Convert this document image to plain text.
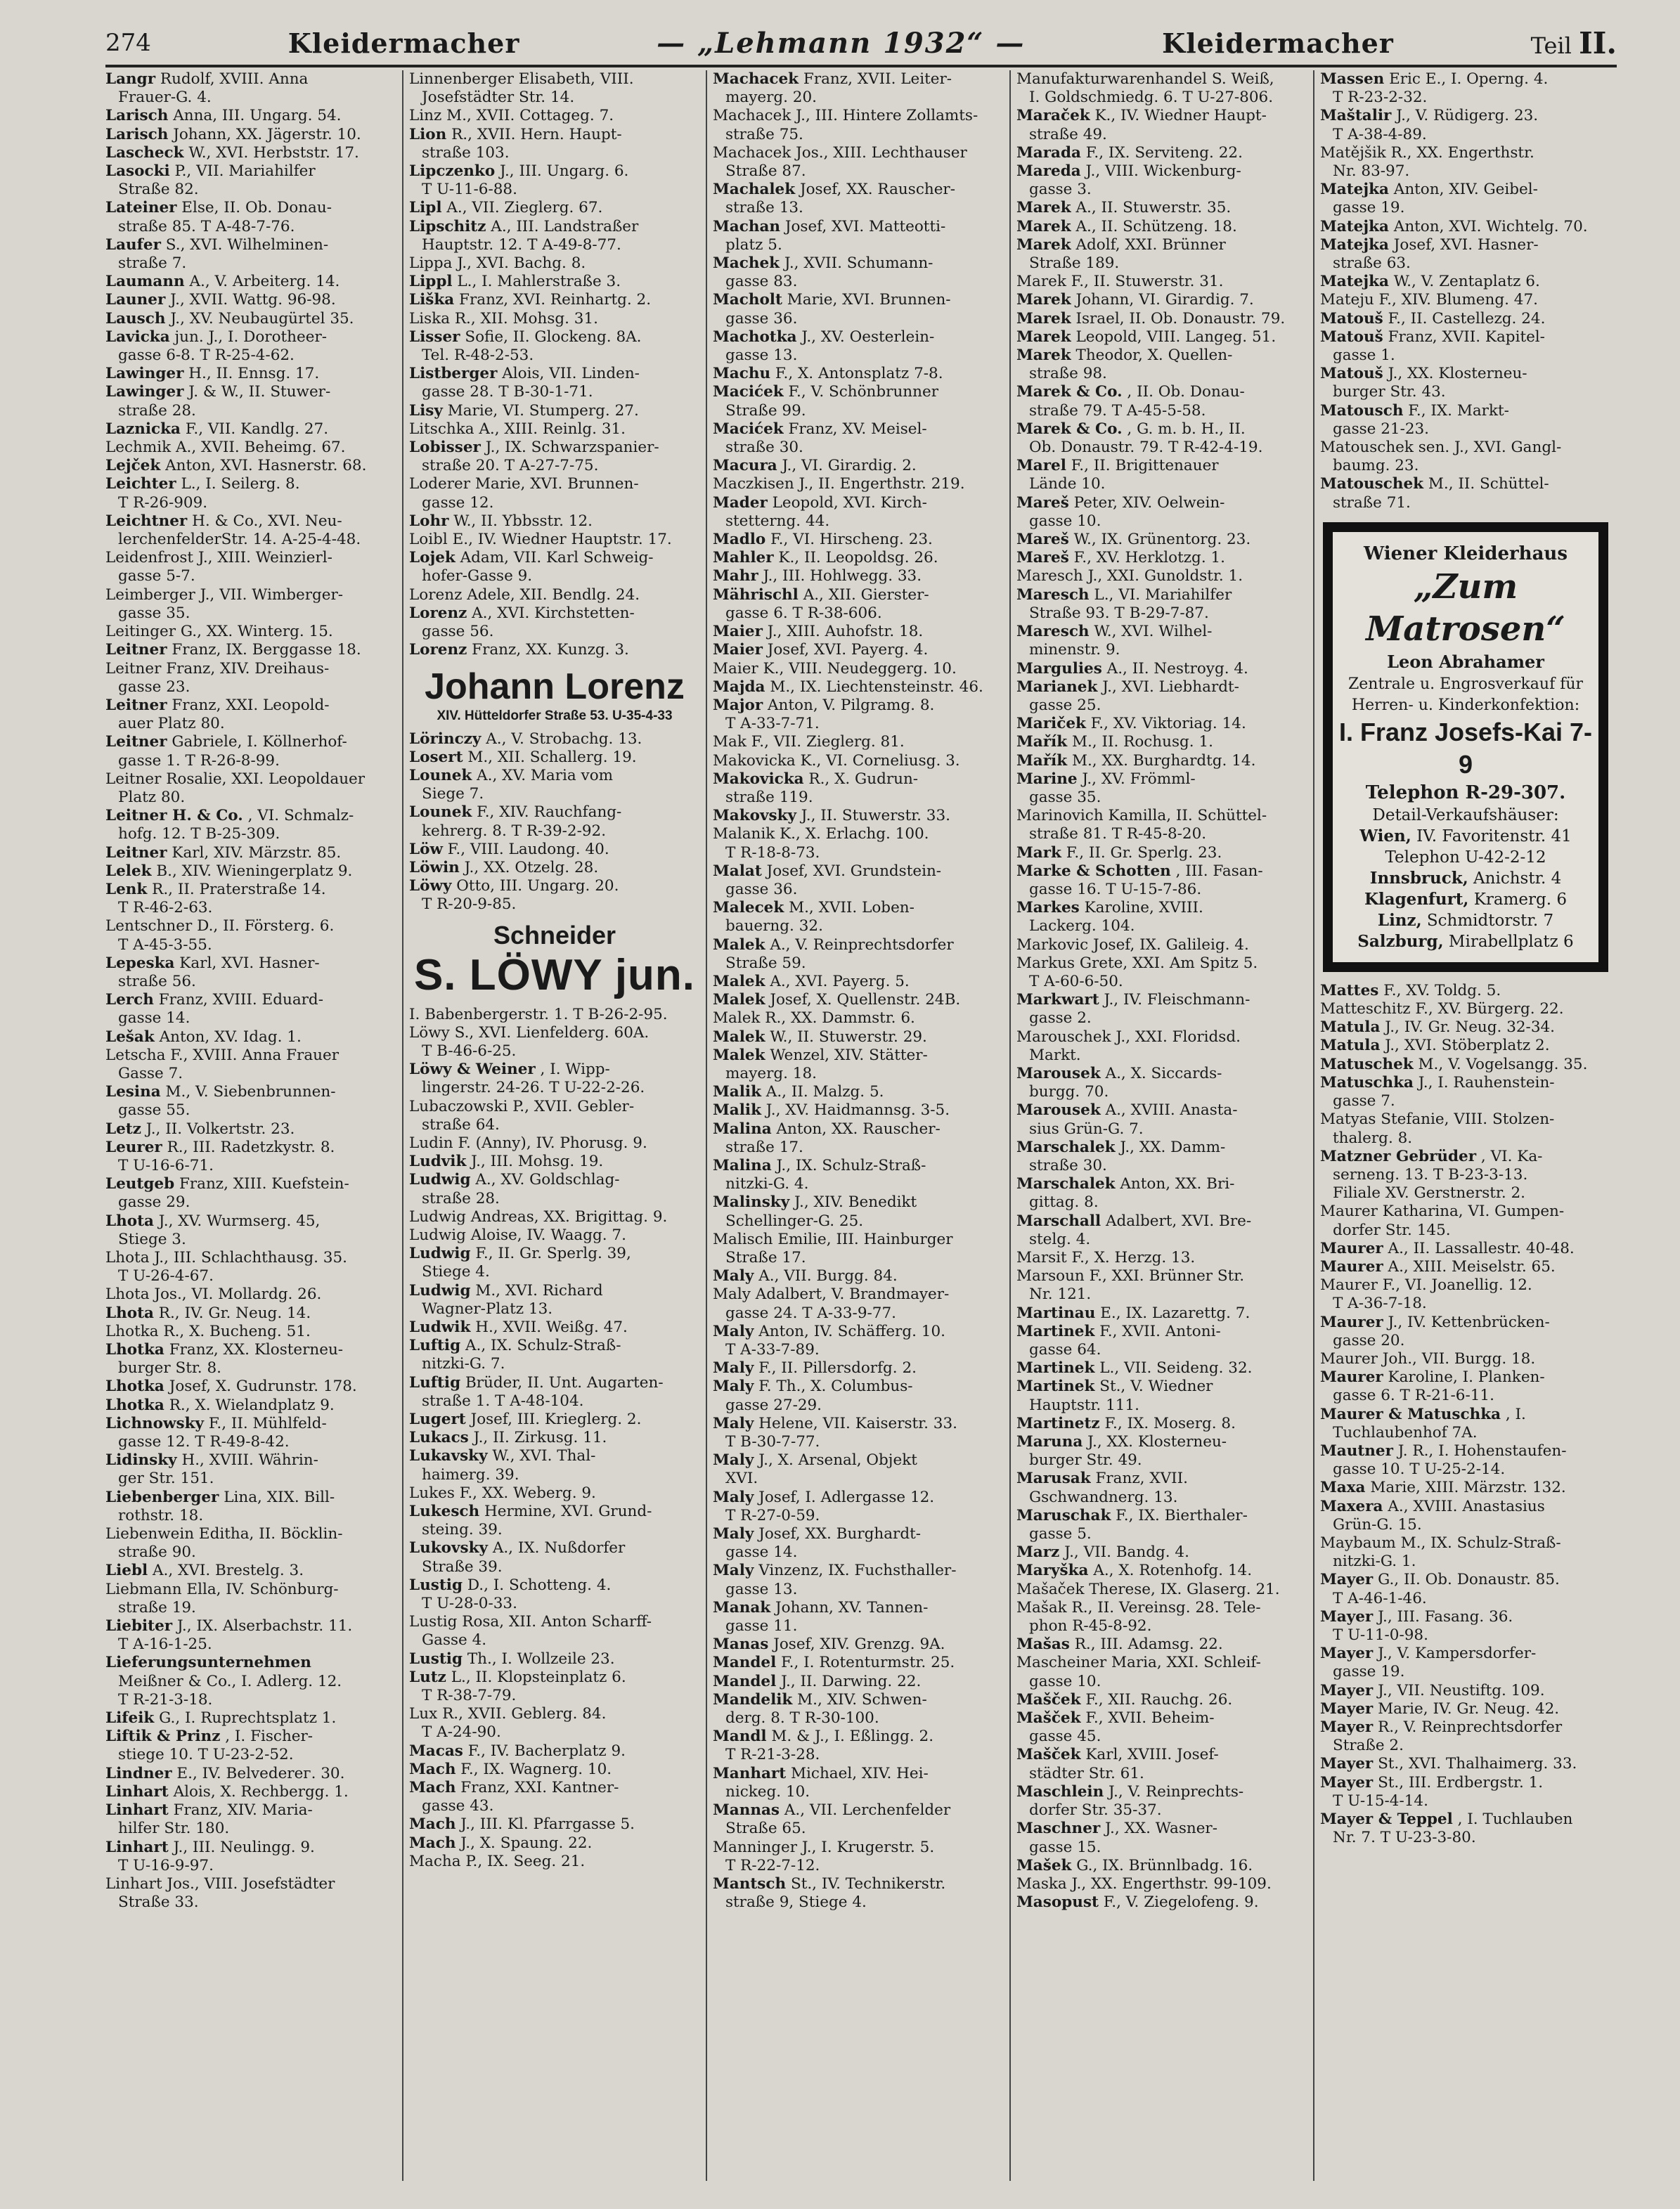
274	Kleidermacher	— „Lehmann 1932“ —	Kleidermacher	Teil II.
Langr Rudolf, XVIII. Anna
Frauer-G. 4.
Larisch Anna, III. Ungarg. 54.
Larisch Johann, XX. Jägerstr. 10.
Lascheck W., XVI. Herbststr. 17.
Lasocki P., VII. Mariahilfer
Straße 82.
Lateiner Else, II. Ob. Donau-
straße 85. T A-48-7-76.
Laufer S., XVI. Wilhelminen-
straße 7.
Laumann A., V. Arbeiterg. 14.
Launer J., XVII. Wattg. 96-98.
Lausch J., XV. Neubaugürtel 35.
Lavicka jun. J., I. Dorotheer-
gasse 6-8. T R-25-4-62.
Lawinger H., II. Ennsg. 17.
Lawinger J. & W., II. Stuwer-
straße 28.
Laznicka F., VII. Kandlg. 27.
Lechmik A., XVII. Beheimg. 67.
Lejček Anton, XVI. Hasnerstr. 68.
Leichter L., I. Seilerg. 8.
T R-26-909.
Leichtner H. & Co., XVI. Neu-
lerchenfelderStr. 14. A-25-4-48.
Leidenfrost J., XIII. Weinzierl-
gasse 5-7.
Leimberger J., VII. Wimberger-
gasse 35.
Leitinger G., XX. Winterg. 15.
Leitner Franz, IX. Berggasse 18.
Leitner Franz, XIV. Dreihaus-
gasse 23.
Leitner Franz, XXI. Leopold-
auer Platz 80.
Leitner Gabriele, I. Köllnerhof-
gasse 1. T R-26-8-99.
Leitner Rosalie, XXI. Leopoldauer
Platz 80.
Leitner H. & Co. , VI. Schmalz-
hofg. 12. T B-25-309.
Leitner Karl, XIV. Märzstr. 85.
Lelek B., XIV. Wieningerplatz 9.
Lenk R., II. Praterstraße 14.
T R-46-2-63.
Lentschner D., II. Försterg. 6.
T A-45-3-55.
Lepeska Karl, XVI. Hasner-
straße 56.
Lerch Franz, XVIII. Eduard-
gasse 14.
Lešak Anton, XV. Idag. 1.
Letscha F., XVIII. Anna Frauer
Gasse 7.
Lesina M., V. Siebenbrunnen-
gasse 55.
Letz J., II. Volkertstr. 23.
Leurer R., III. Radetzkystr. 8.
T U-16-6-71.
Leutgeb Franz, XIII. Kuefstein-
gasse 29.
Lhota J., XV. Wurmserg. 45,
Stiege 3.
Lhota J., III. Schlachthausg. 35.
T U-26-4-67.
Lhota Jos., VI. Mollardg. 26.
Lhota R., IV. Gr. Neug. 14.
Lhotka R., X. Bucheng. 51.
Lhotka Franz, XX. Klosterneu-
burger Str. 8.
Lhotka Josef, X. Gudrunstr. 178.
Lhotka R., X. Wielandplatz 9.
Lichnowsky F., II. Mühlfeld-
gasse 12. T R-49-8-42.
Lidinsky H., XVIII. Währin-
ger Str. 151.
Liebenberger Lina, XIX. Bill-
rothstr. 18.
Liebenwein Editha, II. Böcklin-
straße 90.
Liebl A., XVI. Brestelg. 3.
Liebmann Ella, IV. Schönburg-
straße 19.
Liebiter J., IX. Alserbachstr. 11.
T A-16-1-25.
Lieferungsunternehmen
Meißner & Co., I. Adlerg. 12.
T R-21-3-18.
Lifeik G., I. Ruprechtsplatz 1.
Liftik & Prinz , I. Fischer-
stiege 10. T U-23-2-52.
Lindner E., IV. Belvederег. 30.
Linhart Alois, X. Rechbergg. 1.
Linhart Franz, XIV. Maria-
hilfer Str. 180.
Linhart J., III. Neulingg. 9.
T U-16-9-97.
Linhart Jos., VIII. Josefstädter
Straße 33.
Linnenberger Elisabeth, VIII.
Josefstädter Str. 14.
Linz M., XVII. Cottageg. 7.
Lion R., XVII. Hern. Haupt-
straße 103.
Lipczenko J., III. Ungarg. 6.
T U-11-6-88.
Lipl A., VII. Zieglerg. 67.
Lipschitz A., III. Landstraßer
Hauptstr. 12. T A-49-8-77.
Lippa J., XVI. Bachg. 8.
Lippl L., I. Mahlerstraße 3.
Liška Franz, XVI. Reinhartg. 2.
Liska R., XII. Mohsg. 31.
Lisser Sofie, II. Glockeng. 8A.
Tel. R-48-2-53.
Listberger Alois, VII. Linden-
gasse 28. T B-30-1-71.
Lisy Marie, VI. Stumperg. 27.
Litschka A., XIII. Reinlg. 31.
Lobisser J., IX. Schwarzspanier-
straße 20. T A-27-7-75.
Loderer Marie, XVI. Brunnen-
gasse 12.
Lohr W., II. Ybbsstr. 12.
Loibl E., IV. Wiedner Hauptstr. 17.
Lojek Adam, VII. Karl Schweig-
hofer-Gasse 9.
Lorenz Adele, XII. Bendlg. 24.
Lorenz A., XVI. Kirchstetten-
gasse 56.
Lorenz Franz, XX. Kunzg. 3.
Johann Lorenz
XIV. Hütteldorfer Straße 53. U-35-4-33
Lörinczy A., V. Strobachg. 13.
Losert M., XII. Schallerg. 19.
Lounek A., XV. Maria vom
Siege 7.
Lounek F., XIV. Rauchfang-
kehrerg. 8. T R-39-2-92.
Löw F., VIII. Laudong. 40.
Löwin J., XX. Otzelg. 28.
Löwy Otto, III. Ungarg. 20.
T R-20-9-85.
Schneider
S. LÖWY jun.
I. Babenbergerstr. 1. T B-26-2-95.
Löwy S., XVI. Lienfelderg. 60A.
T B-46-6-25.
Löwy & Weiner , I. Wipp-
lingerstr. 24-26. T U-22-2-26.
Lubaczowski P., XVII. Gebler-
straße 64.
Ludin F. (Anny), IV. Phorusg. 9.
Ludvik J., III. Mohsg. 19.
Ludwig A., XV. Goldschlag-
straße 28.
Ludwig Andreas, XX. Brigittag. 9.
Ludwig Aloise, IV. Waagg. 7.
Ludwig F., II. Gr. Sperlg. 39,
Stiege 4.
Ludwig M., XVI. Richard
Wagner-Platz 13.
Ludwik H., XVII. Weißg. 47.
Luftig A., IX. Schulz-Straß-
nitzki-G. 7.
Luftig Brüder, II. Unt. Augarten-
straße 1. T A-48-104.
Lugert Josef, III. Krieglerg. 2.
Lukacs J., II. Zirkusg. 11.
Lukavsky W., XVI. Thal-
haimerg. 39.
Lukes F., XX. Weberg. 9.
Lukesch Hermine, XVI. Grund-
steing. 39.
Lukovsky A., IX. Nußdorfer
Straße 39.
Lustig D., I. Schotteng. 4.
T U-28-0-33.
Lustig Rosa, XII. Anton Scharff-
Gasse 4.
Lustig Th., I. Wollzeile 23.
Lutz L., II. Klopsteinplatz 6.
T R-38-7-79.
Lux R., XVII. Geblerg. 84.
T A-24-90.
Macas F., IV. Bacherplatz 9.
Mach F., IX. Wagnerg. 10.
Mach Franz, XXI. Kantner-
gasse 43.
Mach J., III. Kl. Pfarrgasse 5.
Mach J., X. Spaung. 22.
Macha P., IX. Seeg. 21.
Machacek Franz, XVII. Leiter-
mayerg. 20.
Machacek J., III. Hintere Zollamts-
straße 75.
Machacek Jos., XIII. Lechthauser
Straße 87.
Machalek Josef, XX. Rauscher-
straße 13.
Machan Josef, XVI. Matteotti-
platz 5.
Machek J., XVII. Schumann-
gasse 83.
Macholt Marie, XVI. Brunnen-
gasse 36.
Machotka J., XV. Oesterlein-
gasse 13.
Machu F., X. Antonsplatz 7-8.
Macićek F., V. Schönbrunner
Straße 99.
Macićek Franz, XV. Meisel-
straße 30.
Macura J., VI. Girardig. 2.
Maczkisen J., II. Engerthstr. 219.
Mader Leopold, XVI. Kirch-
stetterng. 44.
Madlo F., VI. Hirscheng. 23.
Mahler K., II. Leopoldsg. 26.
Mahr J., III. Hohlwegg. 33.
Mährischl A., XII. Gierster-
gasse 6. T R-38-606.
Maier J., XIII. Auhofstr. 18.
Maier Josef, XVI. Payerg. 4.
Maier K., VIII. Neudeggerg. 10.
Majda M., IX. Liechtensteinstr. 46.
Major Anton, V. Pilgramg. 8.
T A-33-7-71.
Mak F., VII. Zieglerg. 81.
Makovicka K., VI. Corneliusg. 3.
Makovicka R., X. Gudrun-
straße 119.
Makovsky J., II. Stuwerstr. 33.
Malanik K., X. Erlachg. 100.
T R-18-8-73.
Malat Josef, XVI. Grundstein-
gasse 36.
Malecek M., XVII. Loben-
bauerng. 32.
Malek A., V. Reinprechtsdorfer
Straße 59.
Malek A., XVI. Payerg. 5.
Malek Josef, X. Quellenstr. 24B.
Malek R., XX. Dammstr. 6.
Malek W., II. Stuwerstr. 29.
Malek Wenzel, XIV. Stätter-
mayerg. 18.
Malik A., II. Malzg. 5.
Malik J., XV. Haidmannsg. 3-5.
Malina Anton, XX. Rauscher-
straße 17.
Malina J., IX. Schulz-Straß-
nitzki-G. 4.
Malinsky J., XIV. Benedikt
Schellinger-G. 25.
Malisch Emilie, III. Hainburger
Straße 17.
Maly A., VII. Burgg. 84.
Maly Adalbert, V. Brandmayer-
gasse 24. T A-33-9-77.
Maly Anton, IV. Schäfferg. 10.
T A-33-7-89.
Maly F., II. Pillersdorfg. 2.
Maly F. Th., X. Columbus-
gasse 27-29.
Maly Helene, VII. Kaiserstr. 33.
T B-30-7-77.
Maly J., X. Arsenal, Objekt
XVI.
Maly Josef, I. Adlergasse 12.
T R-27-0-59.
Maly Josef, XX. Burghardt-
gasse 14.
Maly Vinzenz, IX. Fuchsthaller-
gasse 13.
Manak Johann, XV. Tannen-
gasse 11.
Manas Josef, XIV. Grenzg. 9A.
Mandel F., I. Rotenturmstr. 25.
Mandel J., II. Darwing. 22.
Mandelik M., XIV. Schwen-
derg. 8. T R-30-100.
Mandl M. & J., I. Eßlingg. 2.
T R-21-3-28.
Manhart Michael, XIV. Hei-
nickeg. 10.
Mannas A., VII. Lerchenfelder
Straße 65.
Manninger J., I. Krugerstr. 5.
T R-22-7-12.
Mantsch St., IV. Technikerstr.
straße 9, Stiege 4.
Manufakturwarenhandel S. Weiß,
I. Goldschmiedg. 6. T U-27-806.
Maraček K., IV. Wiedner Haupt-
straße 49.
Marada F., IX. Servitеng. 22.
Mareda J., VIII. Wickenburg-
gasse 3.
Marek A., II. Stuwerstr. 35.
Marek A., II. Schützeng. 18.
Marek Adolf, XXI. Brünner
Straße 189.
Marek F., II. Stuwerstr. 31.
Marek Johann, VI. Girardig. 7.
Marek Israel, II. Ob. Donaustr. 79.
Marek Leopold, VIII. Langeg. 51.
Marek Theodor, X. Quellen-
straße 98.
Marek & Co. , II. Ob. Donau-
straße 79. T A-45-5-58.
Marek & Co. , G. m. b. H., II.
Ob. Donaustr. 79. T R-42-4-19.
Marel F., II. Brigittenauer
Lände 10.
Mareš Peter, XIV. Oelwein-
gasse 10.
Mareš W., IX. Grünentorg. 23.
Mareš F., XV. Herklotzg. 1.
Maresch J., XXI. Gunoldstr. 1.
Maresch L., VI. Mariahilfer
Straße 93. T B-29-7-87.
Maresch W., XVI. Wilhel-
minenstr. 9.
Margulies A., II. Nestroyg. 4.
Marianek J., XVI. Liebhardt-
gasse 25.
Mariček F., XV. Viktoriag. 14.
Mařík M., II. Rochusg. 1.
Mařík M., XX. Burghardtg. 14.
Marine J., XV. Frömml-
gasse 35.
Marinovich Kamilla, II. Schüttel-
straße 81. T R-45-8-20.
Mark F., II. Gr. Sperlg. 23.
Marke & Schotten , III. Fasan-
gasse 16. T U-15-7-86.
Markes Karoline, XVIII.
Lackerg. 104.
Markovic Josef, IX. Galileig. 4.
Markus Grete, XXI. Am Spitz 5.
T A-60-6-50.
Markwart J., IV. Fleischmann-
gasse 2.
Marouschek J., XXI. Floridsd.
Markt.
Marousek A., X. Siccards-
burgg. 70.
Marousek A., XVIII. Anasta-
sius Grün-G. 7.
Marschalek J., XX. Damm-
straße 30.
Marschalek Anton, XX. Bri-
gittag. 8.
Marschall Adalbert, XVI. Bre-
stelg. 4.
Marsit F., X. Herzg. 13.
Marsoun F., XXI. Brünner Str.
Nr. 121.
Martinau E., IX. Lazarettg. 7.
Martinek F., XVII. Antoni-
gasse 64.
Martinek L., VII. Seideng. 32.
Martinek St., V. Wiedner
Hauptstr. 111.
Martinetz F., IX. Moserg. 8.
Maruna J., XX. Klosterneu-
burger Str. 49.
Marusak Franz, XVII.
Gschwandnerg. 13.
Maruschak F., IX. Bierthaler-
gasse 5.
Marz J., VII. Bandg. 4.
Maryška A., X. Rotenhofg. 14.
Mašaček Therese, IX. Glaserg. 21.
Mašak R., II. Vereinsg. 28. Tele-
phon R-45-8-92.
Mašas R., III. Adamsg. 22.
Mascheiner Maria, XXI. Schleif-
gasse 10.
Mašček F., XII. Rauchg. 26.
Mašček F., XVII. Beheim-
gasse 45.
Mašček Karl, XVIII. Josef-
städter Str. 61.
Maschlein J., V. Reinprechts-
dorfer Str. 35-37.
Maschner J., XX. Wasner-
gasse 15.
Mašek G., IX. Brünnlbadg. 16.
Maska J., XX. Engerthstr. 99-109.
Masopust F., V. Ziegelofeng. 9.
Massen Eric E., I. Operng. 4.
T R-23-2-32.
Maštalir J., V. Rüdigerg. 23.
T A-38-4-89.
Matějšik R., XX. Engerthstr.
Nr. 83-97.
Matejka Anton, XIV. Geibel-
gasse 19.
Matejka Anton, XVI. Wichtelg. 70.
Matejka Josef, XVI. Hasner-
straße 63.
Matejka W., V. Zentaplatz 6.
Mateju F., XIV. Blumeng. 47.
Matouš F., II. Castellezg. 24.
Matouš Franz, XVII. Kapitel-
gasse 1.
Matouš J., XX. Klosterneu-
burger Str. 43.
Matousch F., IX. Markt-
gasse 21-23.
Matouschek sen. J., XVI. Gangl-
baumg. 23.
Matouschek M., II. Schüttel-
straße 71.
Wiener Kleiderhaus
„Zum Matrosen“
Leon Abrahamer
Zentrale u. Engrosverkauf für
Herren- u. Kinderkonfektion:
I. Franz Josefs-Kai 7-9
Telephon R-29-307.
Detail-Verkaufshäuser:
Wien, IV. Favoritenstr. 41
Telephon U-42-2-12
Innsbruck, Anichstr. 4
Klagenfurt, Kramerg. 6
Linz, Schmidtorstr. 7
Salzburg, Mirabellplatz 6
Mattes F., XV. Toldg. 5.
Matteschitz F., XV. Bürgerg. 22.
Matula J., IV. Gr. Neug. 32-34.
Matula J., XVI. Stöberplatz 2.
Matuschek M., V. Vogelsangg. 35.
Matuschka J., I. Rauhenstein-
gasse 7.
Matyas Stefanie, VIII. Stolzen-
thalerg. 8.
Matzner Gebrüder , VI. Ka-
sernеng. 13. T B-23-3-13.
Filiale XV. Gerstnerstr. 2.
Maurer Katharina, VI. Gumpen-
dorfer Str. 145.
Maurer A., II. Lassallestr. 40-48.
Maurer A., XIII. Meiselstr. 65.
Maurer F., VI. Joanellig. 12.
T A-36-7-18.
Maurer J., IV. Kettenbrücken-
gasse 20.
Maurer Joh., VII. Burgg. 18.
Maurer Karoline, I. Planken-
gasse 6. T R-21-6-11.
Maurer & Matuschka , I.
Tuchlaubenhof 7A.
Mautner J. R., I. Hohenstaufen-
gasse 10. T U-25-2-14.
Maxa Marie, XIII. Märzstr. 132.
Maxera A., XVIII. Anastasius
Grün-G. 15.
Maybaum M., IX. Schulz-Straß-
nitzki-G. 1.
Mayer G., II. Ob. Donaustr. 85.
T A-46-1-46.
Mayer J., III. Fasang. 36.
T U-11-0-98.
Mayer J., V. Kampersdorfer-
gasse 19.
Mayer J., VII. Neustiftg. 109.
Mayer Marie, IV. Gr. Neug. 42.
Mayer R., V. Reinprechtsdorfer
Straße 2.
Mayer St., XVI. Thalhaimerg. 33.
Mayer St., III. Erdbergstr. 1.
T U-15-4-14.
Mayer & Teppel , I. Tuchlauben
Nr. 7. T U-23-3-80.
